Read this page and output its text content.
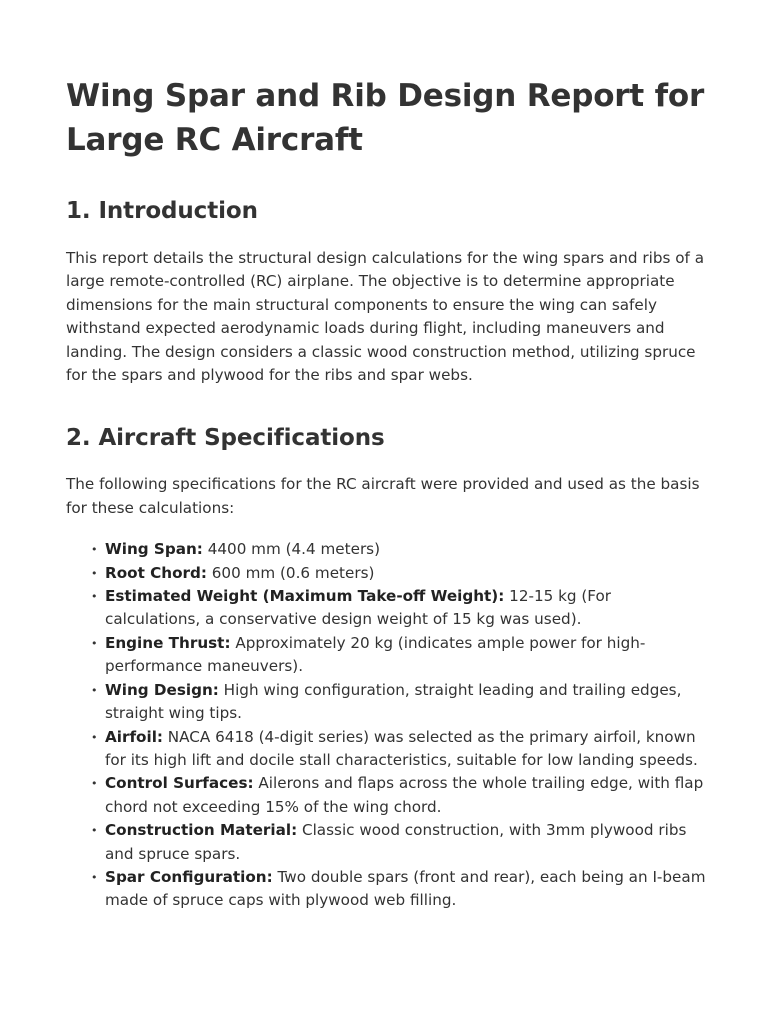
Wing Spar and Rib Design Report for Large RC Aircraft
1. Introduction

This report details the structural design calculations for the wing spars and ribs of a large remote-controlled (RC) airplane. The objective is to determine appropriate dimensions for the main structural components to ensure the wing can safely withstand expected aerodynamic loads during flight, including maneuvers and landing. The design considers a classic wood construction method, utilizing spruce for the spars and plywood for the ribs and spar webs.

2. Aircraft Specifications

The following specifications for the RC aircraft were provided and used as the basis for these calculations:

• Wing Span: 4400 mm (4.4 meters)
• Root Chord: 600 mm (0.6 meters)
• Estimated Weight (Maximum Take-off Weight): 12-15 kg (For calculations, a conservative design weight of 15 kg was used).
• Engine Thrust: Approximately 20 kg (indicates ample power for high-performance maneuvers).
• Wing Design: High wing configuration, straight leading and trailing edges, straight wing tips.
• Airfoil: NACA 6418 (4-digit series) was selected as the primary airfoil, known for its high lift and docile stall characteristics, suitable for low landing speeds.
• Control Surfaces: Ailerons and flaps across the whole trailing edge, with flap chord not exceeding 15% of the wing chord.
• Construction Material: Classic wood construction, with 3mm plywood ribs and spruce spars.
• Spar Configuration: Two double spars (front and rear), each being an I-beam made of spruce caps with plywood web filling.
